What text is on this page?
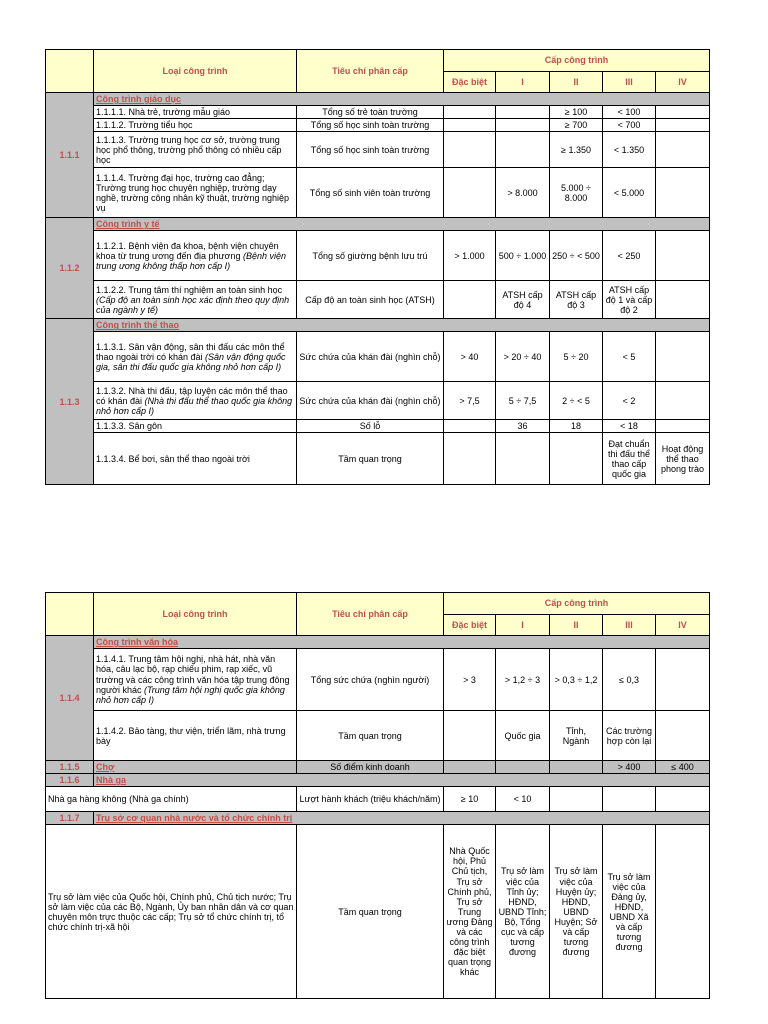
	Loại công trình	Tiêu chí phân cấp	Cấp công trình				
			Đặc biệt	I	II	III	IV
1.1.1	Công trình giáo dục						
	1.1.1.1. Nhà trẻ, trường mẫu giáo	Tổng số trẻ toàn trường			≥ 100	< 100	
	1.1.1.2. Trường tiểu học	Tổng số học sinh toàn trường			≥ 700	< 700	
	1.1.1.3. Trường trung học cơ sở, trường trung học phổ thông, trường phổ thông có nhiều cấp học	Tổng số học sinh toàn trường			≥ 1.350	< 1.350	
	1.1.1.4. Trường đại học, trường cao đẳng; Trường trung học chuyên nghiệp, trường dạy nghề, trường công nhân kỹ thuật, trường nghiệp vụ	Tổng số sinh viên toàn trường		> 8.000	5.000 ÷ 8.000	< 5.000	
1.1.2	Công trình y tế						
	1.1.2.1. Bệnh viện đa khoa, bệnh viện chuyên khoa từ trung ương đến địa phương (Bệnh viện trung ương không thấp hơn cấp I)	Tổng số giường bệnh lưu trú	> 1.000	500 ÷ 1.000	250 ÷ < 500	< 250	
	1.1.2.2. Trung tâm thí nghiệm an toàn sinh học (Cấp độ an toàn sinh học xác định theo quy định của ngành y tế)	Cấp độ an toàn sinh học (ATSH)		ATSH cấp độ 4	ATSH cấp độ 3	ATSH cấp độ 1 và cấp độ 2	
1.1.3	Công trình thể thao						
	1.1.3.1. Sân vận động, sân thi đấu các môn thể thao ngoài trời có khán đài (Sân vận động quốc gia, sân thi đấu quốc gia không nhỏ hơn cấp I)	Sức chứa của khán đài (nghìn chỗ)	> 40	> 20 ÷ 40	5 ÷ 20	< 5	
	1.1.3.2. Nhà thi đấu, tập luyện các môn thể thao có khán đài (Nhà thi đấu thể thao quốc gia không nhỏ hơn cấp I)	Sức chứa của khán đài (nghìn chỗ)	> 7,5	5 ÷ 7,5	2 ÷ < 5	< 2	
	1.1.3.3. Sân gôn	Số lỗ		36	18	< 18	
	1.1.3.4. Bể bơi, sân thể thao ngoài trời	Tầm quan trọng				Đạt chuẩn thi đấu thể thao cấp quốc gia	Hoạt động thể thao phong trào
	Loại công trình	Tiêu chí phân cấp	Cấp công trình				
			Đặc biệt	I	II	III	IV
1.1.4	Công trình văn hóa						
	1.1.4.1. Trung tâm hội nghị, nhà hát, nhà văn hóa, câu lạc bộ, rạp chiếu phim, rạp xiếc, vũ trường và các công trình văn hóa tập trung đông người khác (Trung tâm hội nghị quốc gia không nhỏ hơn cấp I)	Tổng sức chứa (nghìn người)	> 3	> 1,2 ÷ 3	> 0,3 ÷ 1,2	≤ 0,3	
	1.1.4.2. Bảo tàng, thư viện, triển lãm, nhà trưng bày	Tầm quan trọng		Quốc gia	Tỉnh, Ngành	Các trường hợp còn lại	
1.1.5	Chợ	Số điểm kinh doanh				> 400	≤ 400
1.1.6	Nhà ga						
Nhà ga hàng không (Nhà ga chính)		Lượt hành khách (triệu khách/năm)	≥ 10	< 10			
1.1.7	Trụ sở cơ quan nhà nước và tổ chức chính trị						
Trụ sở làm việc của Quốc hội, Chính phủ, Chủ tịch nước; Trụ sở làm việc của các Bộ, Ngành, Ủy ban nhân dân và cơ quan chuyên môn trực thuộc các cấp; Trụ sở tổ chức chính trị, tổ chức chính trị-xã hội		Tầm quan trọng	Nhà Quốc hội, Phủ Chủ tịch, Trụ sở Chính phủ, Trụ sở Trung ương Đảng và các công trình đặc biệt quan trọng khác	Trụ sở làm việc của Tỉnh ủy; HĐND, UBND Tỉnh; Bộ, Tổng cục và cấp tương đương	Trụ sở làm việc của Huyện ủy; HĐND, UBND Huyện; Sở và cấp tương đương	Trụ sở làm việc của Đảng ủy, HĐND, UBND Xã và cấp tương đương	
